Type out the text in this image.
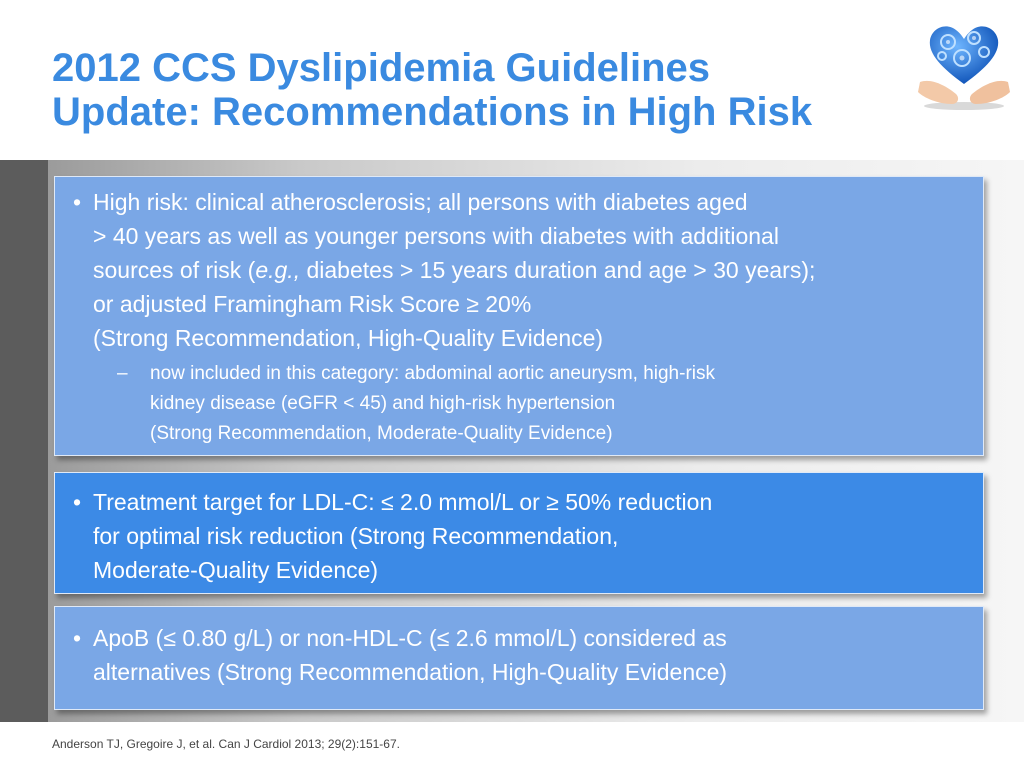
2012 CCS Dyslipidemia Guidelines
Update: Recommendations in High Risk
• High risk: clinical atherosclerosis; all persons with diabetes aged
> 40 years as well as younger persons with diabetes with additional
sources of risk (e.g., diabetes > 15 years duration and age > 30 years);
or adjusted Framingham Risk Score ≥ 20%
(Strong Recommendation, High-Quality Evidence)
– now included in this category: abdominal aortic aneurysm, high-risk
kidney disease (eGFR < 45) and high-risk hypertension
(Strong Recommendation, Moderate-Quality Evidence)
• Treatment target for LDL-C: ≤ 2.0 mmol/L or ≥ 50% reduction
for optimal risk reduction (Strong Recommendation,
Moderate-Quality Evidence)
• ApoB (≤ 0.80 g/L) or non-HDL-C (≤ 2.6 mmol/L) considered as
alternatives (Strong Recommendation, High-Quality Evidence)
Anderson TJ, Gregoire J, et al. Can J Cardiol 2013; 29(2):151-67.
